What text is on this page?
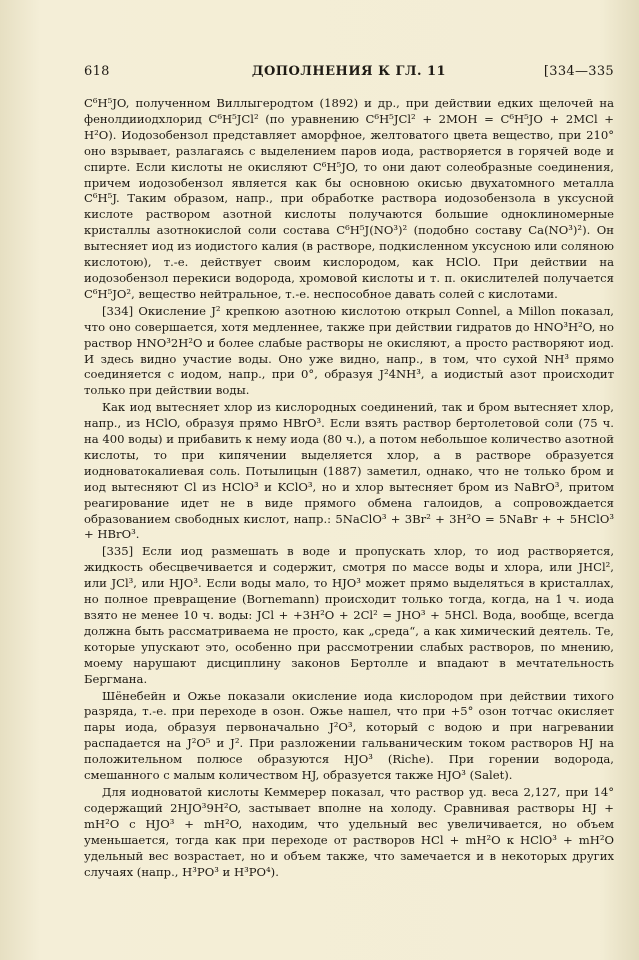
618	ДОПОЛНЕНИЯ К ГЛ. 11	[334—335

C⁶H⁵JO, полученном Виллыгеродтом (1892) и др., при действии едких щелочей на фенолдииодхлорид C⁶H⁵JCl² (по уравнению C⁶H⁵JCl² + 2MOH = C⁶H⁵JO + 2MCl + H²O). Иодозобензол представляет аморфное, желтоватого цвета вещество, при 210° оно взрывает, разлагаясь с выделением паров иода, растворяется в горячей воде и спирте. Если кислоты не окисляют C⁶H⁵JO, то они дают солеобразные соединения, причем иодозобензол является как бы основною окисью двухатомного металла C⁶H⁵J. Таким образом, напр., при обработке раствора иодозобензола в уксусной кислоте раствором азотной кислоты получаются большие одноклиномерные кристаллы азотнокислой соли состава C⁶H⁵J(NO³)² (подобно составу Ca(NO³)²). Он вытесняет иод из иодистого калия (в растворе, подкисленном уксусною или соляною кислотою), т.-е. действует своим кислородом, как HClO. При действии на иодозобензол перекиси водорода, хромовой кислоты и т. п. окислителей получается C⁶H⁵JO², вещество нейтральное, т.-е. неспособное давать солей с кислотами.

[334] Окисление J² крепкою азотною кислотою открыл Connel, а Millon показал, что оно совершается, хотя медленнее, также при действии гидратов до HNO³H²O, но раствор HNO³2H²O и более слабые растворы не окисляют, а просто растворяют иод. И здесь видно участие воды. Оно уже видно, напр., в том, что сухой NH³ прямо соединяется с иодом, напр., при 0°, образуя J²4NH³, а иодистый азот происходит только при действии воды.

Как иод вытесняет хлор из кислородных соединений, так и бром вытесняет хлор, напр., из HClO, образуя прямо HBrO³. Если взять раствор бертолетовой соли (75 ч. на 400 воды) и прибавить к нему иода (80 ч.), а потом небольшое количество азотной кислоты, то при кипячении выделяется хлор, а в растворе образуется иодноватокалиевая соль. Потылицын (1887) заметил, однако, что не только бром и иод вытесняют Cl из HClO³ и KClO³, но и хлор вытесняет бром из NaBrO³, притом реагирование идет не в виде прямого обмена галоидов, а сопровождается образованием свободных кислот, напр.: 5NaClO³ + 3Br² + 3H²O = 5NaBr + + 5HClO³ + HBrO³.

[335] Если иод размешать в воде и пропускать хлор, то иод растворяется, жидкость обесцвечивается и содержит, смотря по массе воды и хлора, или JHCl², или JCl³, или HJO³. Если воды мало, то HJO³ может прямо выделяться в кристаллах, но полное превращение (Bornemann) происходит только тогда, когда, на 1 ч. иода взято не менее 10 ч. воды: JCl + +3H²O + 2Cl² = JHO³ + 5HCl. Вода, вообще, всегда должна быть рассматриваема не просто, как „среда“, а как химический деятель. Те, которые упускают это, особенно при рассмотрении слабых растворов, по мнению, моему нарушают дисциплину законов Бертолле и впадают в мечтательность Бергмана.

Шёнебейн и Ожье показали окисление иода кислородом при действии тихого разряда, т.-е. при переходе в озон. Ожье нашел, что при +5° озон тотчас окисляет пары иода, образуя первоначально J²O³, который с водою и при нагревании распадается на J²O⁵ и J². При разложении гальваническим током растворов HJ на положительном полюсе образуются HJO³ (Riche). При горении водорода, смешанного с малым количеством HJ, образуется также HJO³ (Salet).

Для иодноватой кислоты Кеммерер показал, что раствор уд. веса 2,127, при 14° содержащий 2HJO³9H²O, застывает вполне на холоду. Сравнивая растворы HJ + mH²O с HJO³ + mH²O, находим, что удельный вес увеличивается, но объем уменьшается, тогда как при переходе от растворов HCl + mH²O к HClO³ + mH²O удельный вес возрастает, но и объем также, что замечается и в некоторых других случаях (напр., H³PO³ и H³PO⁴).
